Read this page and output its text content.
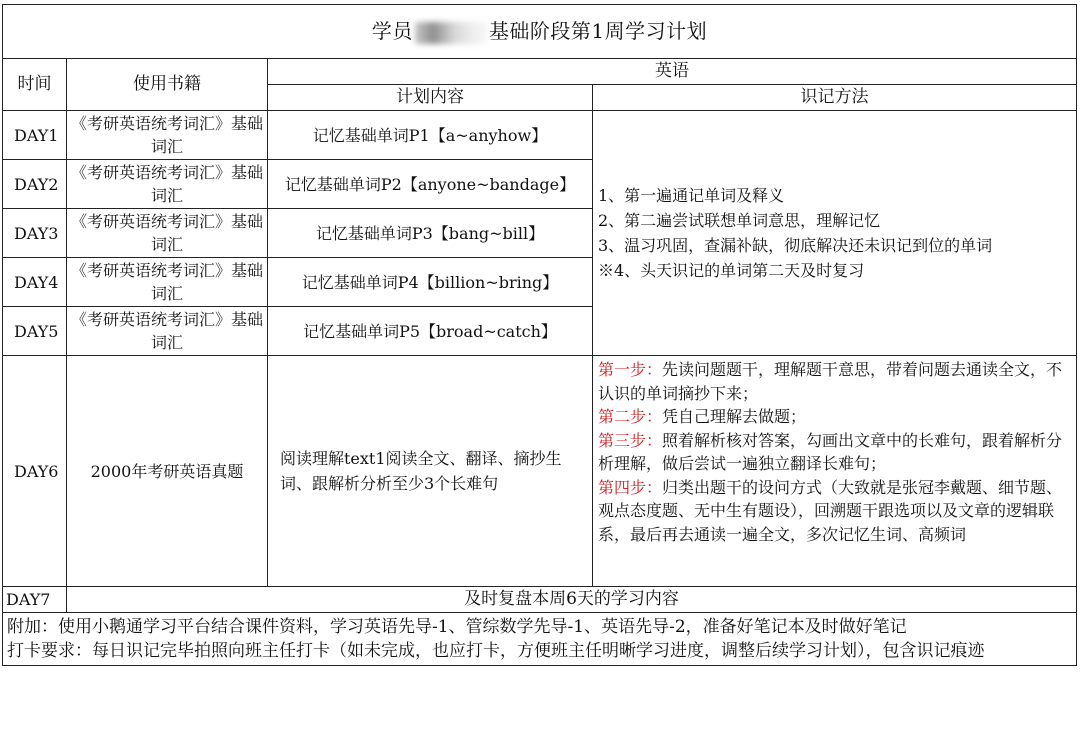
学员 基础阶段第1周学习计划			
时间	使用书籍	英语	
		计划内容	识记方法
DAY1	《考研英语统考词汇》基础词汇	记忆基础单词P1【a~anyhow】	1、第一遍通记单词及释义
2、第二遍尝试联想单词意思，理解记忆
3、温习巩固，查漏补缺，彻底解决还未识记到位的单词
※4、头天识记的单词第二天及时复习

DAY2	《考研英语统考词汇》基础词汇	记忆基础单词P2【anyone~bandage】	
DAY3	《考研英语统考词汇》基础词汇	记忆基础单词P3【bang~bill】	
DAY4	《考研英语统考词汇》基础词汇	记忆基础单词P4【billion~bring】	
DAY5	《考研英语统考词汇》基础词汇	记忆基础单词P5【broad~catch】	
DAY6	2000年考研英语真题	阅读理解text1阅读全文、翻译、摘抄生词、跟解析分析至少3个长难句	第一步：先读问题题干，理解题干意思，带着问题去通读全文，不认识的单词摘抄下来；
第二步：凭自己理解去做题；
第三步：照着解析核对答案，勾画出文章中的长难句，跟着解析分析理解，做后尝试一遍独立翻译长难句；
第四步：归类出题干的设问方式（大致就是张冠李戴题、细节题、观点态度题、无中生有题设），回溯题干跟选项以及文章的逻辑联系，最后再去通读一遍全文，多次记忆生词、高频词
DAY7	及时复盘本周6天的学习内容		

附加：使用小鹅通学习平台结合课件资料，学习英语先导-1、管综数学先导-1、英语先导-2，准备好笔记本及时做好笔记
打卡要求：每日识记完毕拍照向班主任打卡（如未完成，也应打卡，方便班主任明晰学习进度，调整后续学习计划），包含识记痕迹			
